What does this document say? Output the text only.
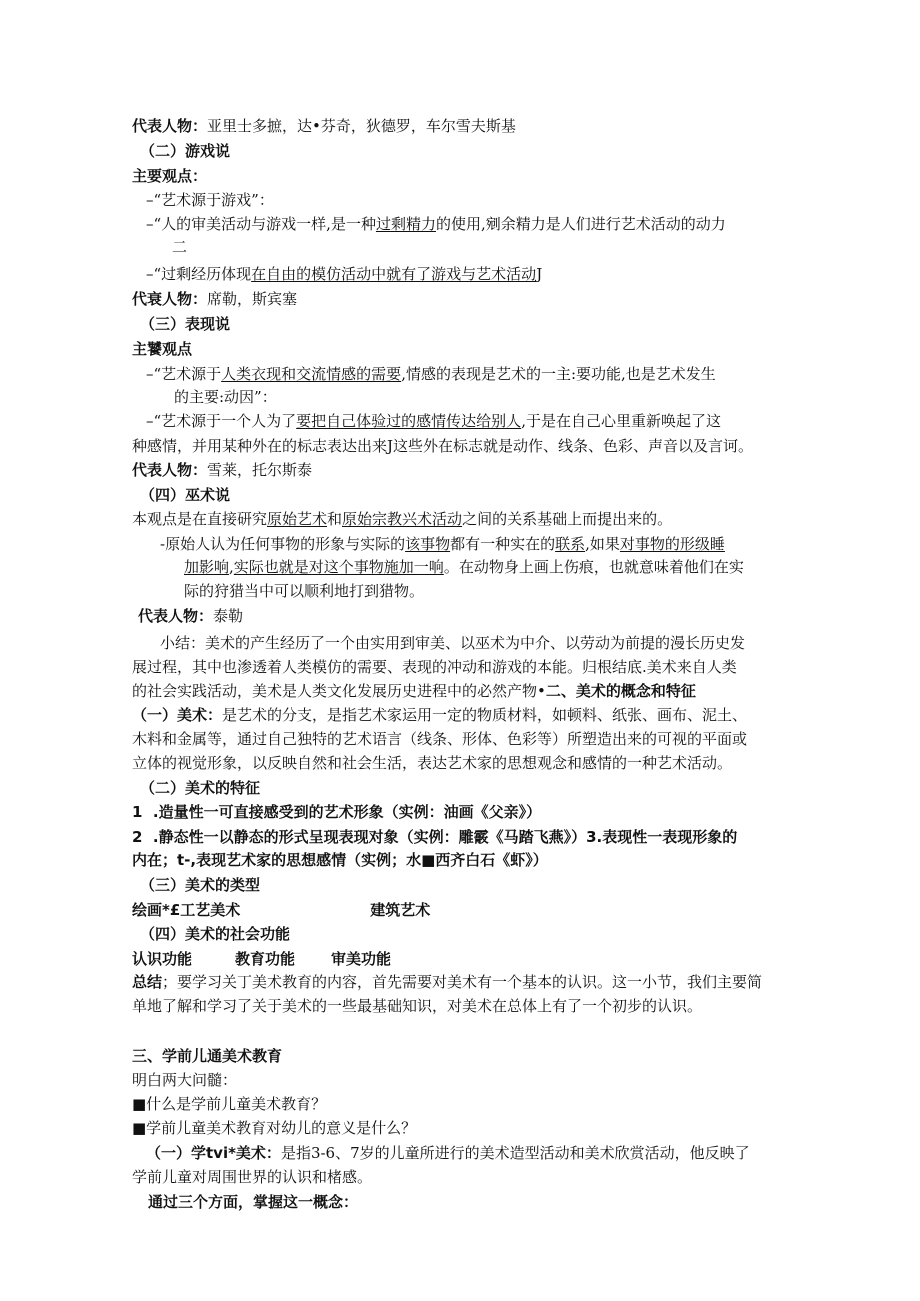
代表人物：亚里士多摭，达•芬奇，狄德罗，车尔雪夫斯基
（二）游戏说
主要观点：
–“艺术源于游戏”：
–“人的审美活动与游戏一样,是一种过剩精力的使用,剜余精力是人们进行艺术活动的动力
二
–“过剩经历体现在自由的模仿活动中就有了游戏与艺术活动J
代衰人物：席勒，斯宾塞
（三）表现说
主饕观点
–“艺术源于人类衣现和交流情感的需要,情感的表现是艺术的一主:要功能,也是艺术发生
的主要:动因”：
–“艺术源于一个人为了要把自己体验过的感情传达给别人,于是在自己心里重新唤起了这
种感情，并用某种外在的标志表达出来J这些外在标志就是动作、线条、色彩、声音以及言诃。
代表人物：雪莱，托尔斯泰
（四）巫术说
本观点是在直接研究原始艺术和原始宗教兴术活动之间的关系基础上而提出来的。
-原始人认为任何事物的形象与实际的该事物都有一种实在的联系,如果对事物的形级睡
加影响,实际也就是对这个事物施加一响。在动物身上画上伤痕，也就意味着他们在实
际的狩猎当中可以顺利地打到猎物。
代表人物：泰勒
小结：美术的产生经历了一个由实用到审美、以巫术为中介、以劳动为前提的漫长历史发
展过程，其中也渗透着人类模仿的需要、表现的冲动和游戏的本能。归根结底.美术来自人类
的社会实践活动，美术是人类文化发展历史进程中的必然产物•二、美术的概念和特征
（一）美术：是艺术的分支，是指艺术家运用一定的物质材料，如顿料、纸张、画布、泥土、
木料和金属等，通过自己独特的艺术语言（线条、形体、色彩等）所塑造出来的可视的平面或
立体的视觉形象，以反映自然和社会生活，表达艺术家的思想观念和感情的一种艺术活动。
（二）美术的特征
1  .造量性一可直接感受到的艺术形象（实例：油画《父亲》）
2  .静态性一以静态的形式呈现表现对象（实例：雕霰《马踏飞燕》）3.表现性一表现形象的
内在；t-,表现艺术家的思想感情（实例；水■西齐白石《虾》）
（三）美术的类型
绘画*£工艺美术	建筑艺术
（四）美术的社会功能
认识功能	教育功能 审美功能
总结；要学习关丁美术教育的内容，首先需要对美术有一个基本的认识。这一小节，我们主要简
单地了解和学习了关于美术的一些最基础知识，对美术在总体上有了一个初步的认识。
三、学前儿通美术教育
明白两大问髓：
■什么是学前儿童美术教育？
■学前儿童美术教育对幼儿的意义是什么？
（一）学tvi*美术：是指3-6、7岁的儿童所进行的美术造型活动和美术欣赏活动，他反映了
学前儿童对周围世界的认识和楮感。
通过三个方面，掌握这一概念：
